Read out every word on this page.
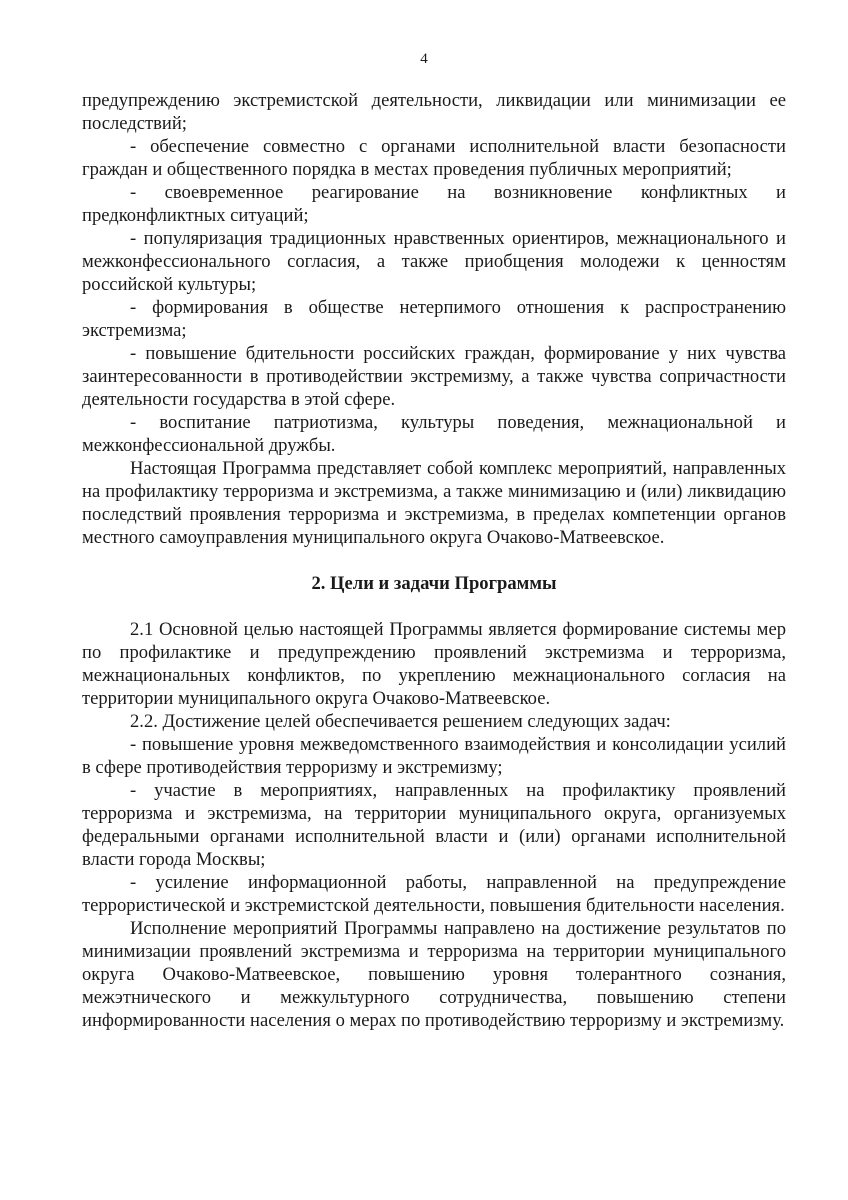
4

предупреждению экстремистской деятельности, ликвидации или минимизации ее последствий;

- обеспечение совместно с органами исполнительной власти безопасности граждан и общественного порядка в местах проведения публичных мероприятий;

- своевременное реагирование на возникновение конфликтных и предконфликтных ситуаций;

- популяризация традиционных нравственных ориентиров, межнационального и межконфессионального согласия, а также приобщения молодежи к ценностям российской культуры;

- формирования в обществе нетерпимого отношения к распространению экстремизма;

- повышение бдительности российских граждан, формирование у них чувства заинтересованности в противодействии экстремизму, а также чувства сопричастности деятельности государства в этой сфере.

- воспитание патриотизма, культуры поведения, межнациональной и межконфессиональной дружбы.

Настоящая Программа представляет собой комплекс мероприятий, направленных на профилактику терроризма и экстремизма, а также минимизацию и (или) ликвидацию последствий проявления терроризма и экстремизма, в пределах компетенции органов местного самоуправления муниципального округа Очаково-Матвеевское.

2. Цели и задачи Программы

2.1 Основной целью настоящей Программы является формирование системы мер по профилактике и предупреждению проявлений экстремизма и терроризма, межнациональных конфликтов, по укреплению межнационального согласия на территории муниципального округа Очаково-Матвеевское.

2.2. Достижение целей обеспечивается решением следующих задач:

- повышение уровня межведомственного взаимодействия и консолидации усилий в сфере противодействия терроризму и экстремизму;

- участие в мероприятиях, направленных на профилактику проявлений терроризма и экстремизма, на территории муниципального округа, организуемых федеральными органами исполнительной власти и (или) органами исполнительной власти города Москвы;

- усиление информационной работы, направленной на предупреждение террористической и экстремистской деятельности, повышения бдительности населения.

Исполнение мероприятий Программы направлено на достижение результатов по минимизации проявлений экстремизма и терроризма на территории муниципального округа Очаково-Матвеевское, повышению уровня толерантного сознания, межэтнического и межкультурного сотрудничества, повышению степени информированности населения о мерах по противодействию терроризму и экстремизму.
